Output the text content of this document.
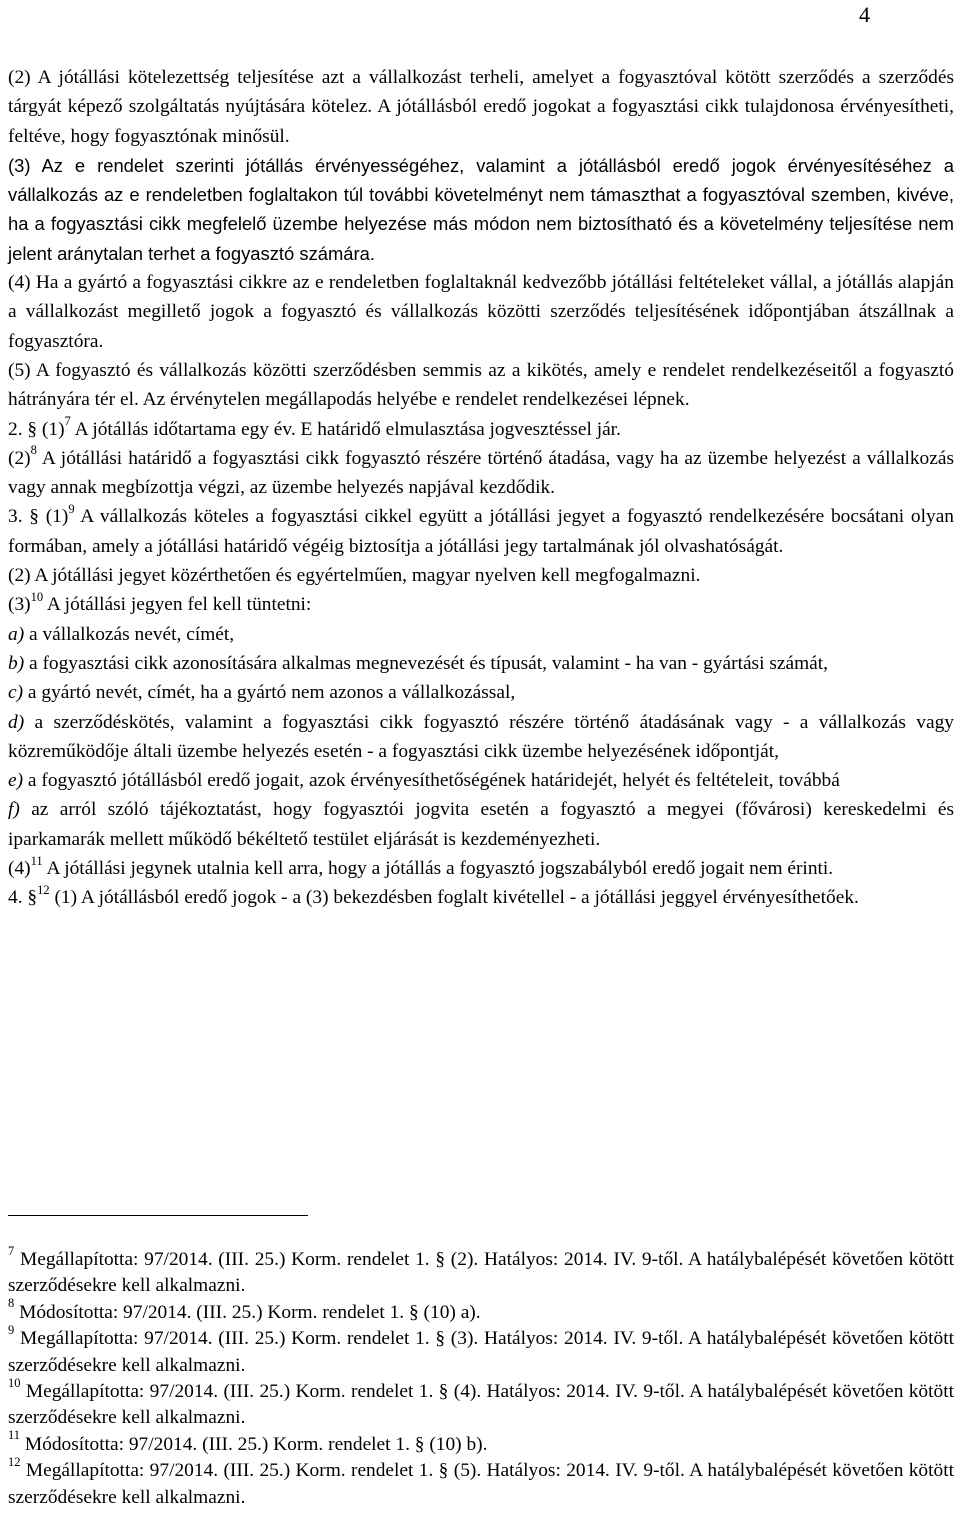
4

(2) A jótállási kötelezettség teljesítése azt a vállalkozást terheli, amelyet a fogyasztóval kötött szerződés a szerződés tárgyát képező szolgáltatás nyújtására kötelez. A jótállásból eredő jogokat a fogyasztási cikk tulajdonosa érvényesítheti, feltéve, hogy fogyasztónak minősül.

(3) Az e rendelet szerinti jótállás érvényességéhez, valamint a jótállásból eredő jogok érvényesítéséhez a vállalkozás az e rendeletben foglaltakon túl további követelményt nem támaszthat a fogyasztóval szemben, kivéve, ha a fogyasztási cikk megfelelő üzembe helyezése más módon nem biztosítható és a követelmény teljesítése nem jelent aránytalan terhet a fogyasztó számára.

(4) Ha a gyártó a fogyasztási cikkre az e rendeletben foglaltaknál kedvezőbb jótállási feltételeket vállal, a jótállás alapján a vállalkozást megillető jogok a fogyasztó és vállalkozás közötti szerződés teljesítésének időpontjában átszállnak a fogyasztóra.

(5) A fogyasztó és vállalkozás közötti szerződésben semmis az a kikötés, amely e rendelet rendelkezéseitől a fogyasztó hátrányára tér el. Az érvénytelen megállapodás helyébe e rendelet rendelkezései lépnek.

2. § $(1)^7$ A jótállás időtartama egy év. E határidő elmulasztása jogvesztéssel jár.

$(2)^8$ A jótállási határidő a fogyasztási cikk fogyasztó részére történő átadása, vagy ha az üzembe helyezést a vállalkozás vagy annak megbízottja végzi, az üzembe helyezés napjával kezdődik.

3. § $(1)^9$ A vállalkozás köteles a fogyasztási cikkel együtt a jótállási jegyet a fogyasztó rendelkezésére bocsátani olyan formában, amely a jótállási határidő végéig biztosítja a jótállási jegy tartalmának jól olvashatóságát.

(2) A jótállási jegyet közérthetően és egyértelműen, magyar nyelven kell megfogalmazni.

$(3)^{10}$ A jótállási jegyen fel kell tüntetni:

a) a vállalkozás nevét, címét,

b) a fogyasztási cikk azonosítására alkalmas megnevezését és típusát, valamint - ha van - gyártási számát,

c) a gyártó nevét, címét, ha a gyártó nem azonos a vállalkozással,

d) a szerződéskötés, valamint a fogyasztási cikk fogyasztó részére történő átadásának vagy - a vállalkozás vagy közreműködője általi üzembe helyezés esetén - a fogyasztási cikk üzembe helyezésének időpontját,

e) a fogyasztó jótállásból eredő jogait, azok érvényesíthetőségének határidejét, helyét és feltételeit, továbbá

f) az arról szóló tájékoztatást, hogy fogyasztói jogvita esetén a fogyasztó a megyei (fővárosi) kereskedelmi és iparkamarák mellett működő békéltető testület eljárását is kezdeményezheti.

$(4)^{11}$ A jótállási jegynek utalnia kell arra, hogy a jótállás a fogyasztó jogszabályból eredő jogait nem érinti.

4. §$^{12}$ (1) A jótállásból eredő jogok - a (3) bekezdésben foglalt kivétellel - a jótállási jeggyel érvényesíthetőek.

$^7$ Megállapította: 97/2014. (III. 25.) Korm. rendelet 1. § (2). Hatályos: 2014. IV. 9-től. A hatálybalépését követően kötött szerződésekre kell alkalmazni.

$^8$ Módosította: 97/2014. (III. 25.) Korm. rendelet 1. § (10) a).

$^9$ Megállapította: 97/2014. (III. 25.) Korm. rendelet 1. § (3). Hatályos: 2014. IV. 9-től. A hatálybalépését követően kötött szerződésekre kell alkalmazni.

$^{10}$ Megállapította: 97/2014. (III. 25.) Korm. rendelet 1. § (4). Hatályos: 2014. IV. 9-től. A hatálybalépését követően kötött szerződésekre kell alkalmazni.

$^{11}$ Módosította: 97/2014. (III. 25.) Korm. rendelet 1. § (10) b).

$^{12}$ Megállapította: 97/2014. (III. 25.) Korm. rendelet 1. § (5). Hatályos: 2014. IV. 9-től. A hatálybalépését követően kötött szerződésekre kell alkalmazni.
